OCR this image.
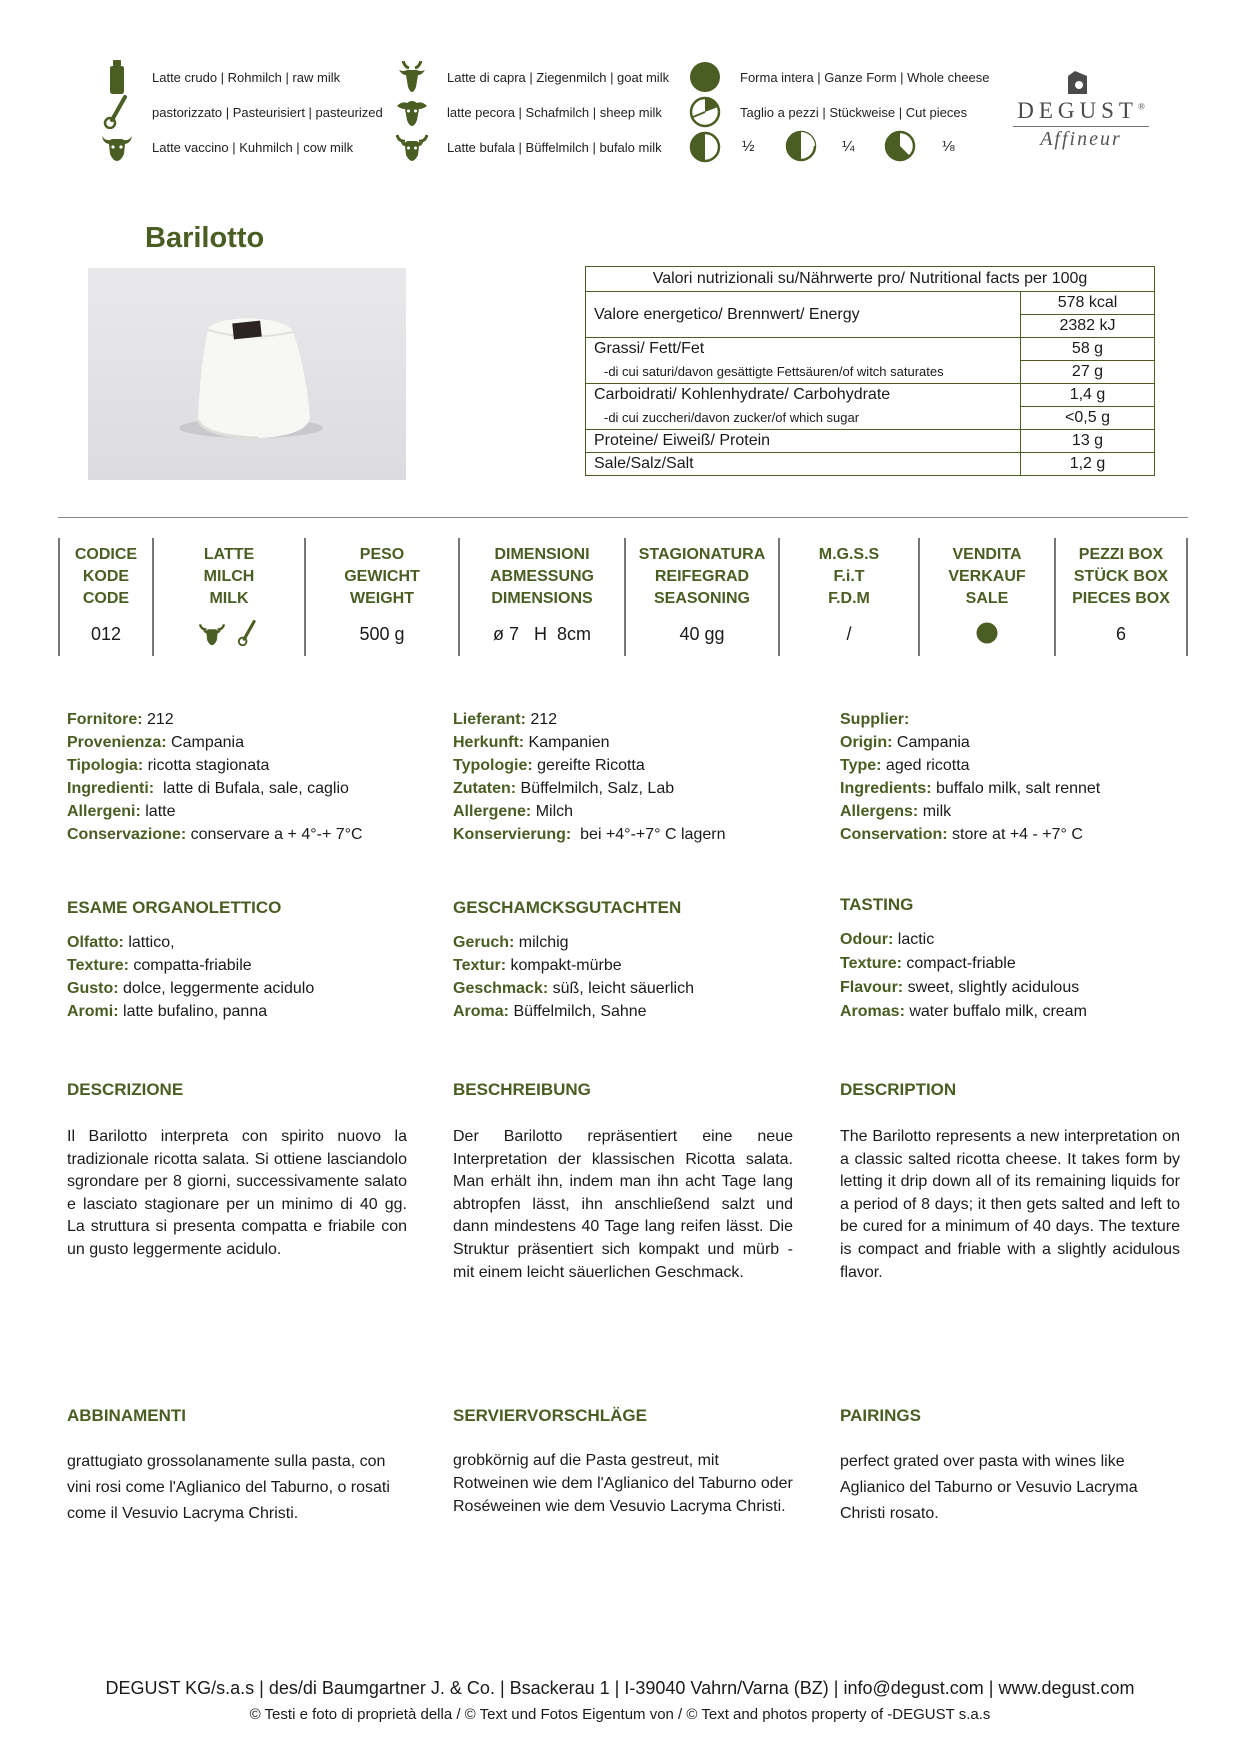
Latte crudo | Rohmilch | raw milk
pastorizzato | Pasteurisiert | pasteurized
Latte vaccino | Kuhmilch | cow milk
Latte di capra | Ziegenmilch | goat milk
latte pecora | Schafmilch | sheep milk
Latte bufala | Büffelmilch | bufalo milk
Forma intera | Ganze Form | Whole cheese
Taglio a pezzi | Stückweise | Cut pieces
½	¼	⅛
DEGUST®
Affineur
Barilotto
Valori nutrizionali su/Nährwerte pro/ Nutritional facts per 100g	
Valore energetico/ Brennwert/ Energy	578 kcal
	2382 kJ
Grassi/ Fett/Fet	58 g
-di cui saturi/davon gesättigte Fettsäuren/of witch saturates	27 g
Carboidrati/ Kohlenhydrate/ Carbohydrate	1,4 g
-di cui zuccheri/davon zucker/of which sugar	<0,5 g
Proteine/ Eiweiß/ Protein	13 g
Sale/Salz/Salt	1,2 g
CODICE
KODE
CODE
012
LATTE
MILCH
MILK

PESO
GEWICHT
WEIGHT
500 g
DIMENSIONI
ABMESSUNG
DIMENSIONS
ø 7   H  8cm
STAGIONATURA
REIFEGRAD
SEASONING
40 gg
M.G.S.S
F.i.T
F.D.M
/
VENDITA
VERKAUF
SALE
PEZZI BOX
STÜCK BOX
PIECES BOX
6
Fornitore: 212
Provenienza: Campania
Tipologia: ricotta stagionata
Ingredienti:  latte di Bufala, sale, caglio
Allergeni: latte
Conservazione: conservare a + 4°-+ 7°C
Lieferant: 212
Herkunft: Kampanien
Typologie: gereifte Ricotta
Zutaten: Büffelmilch, Salz, Lab
Allergene: Milch
Konservierung:  bei +4°-+7° C lagern
Supplier:
Origin: Campania
Type: aged ricotta
Ingredients: buffalo milk, salt rennet
Allergens: milk
Conservation: store at +4 - +7° C
ESAME ORGANOLETTICO	GESCHAMCKSGUTACHTEN	TASTING
Olfatto: lattico,
Texture: compatta-friabile
Gusto: dolce, leggermente acidulo
Aromi: latte bufalino, panna
Geruch: milchig
Textur: kompakt-mürbe
Geschmack: süß, leicht säuerlich
Aroma: Büffelmilch, Sahne
Odour: lactic
Texture: compact-friable
Flavour: sweet, slightly acidulous
Aromas: water buffalo milk, cream
DESCRIZIONE	BESCHREIBUNG	DESCRIPTION
Il Barilotto interpreta con spirito nuovo la tradizionale ricotta salata. Si ottiene lasciandolo sgrondare per 8 giorni, successivamente salato e lasciato stagionare per un minimo di 40 gg. La struttura si presenta compatta e friabile con un gusto leggermente acidulo.
Der Barilotto repräsentiert eine neue Interpretation der klassischen Ricotta salata. Man erhält ihn, indem man ihn acht Tage lang abtropfen lässt, ihn anschließend salzt und dann mindestens 40 Tage lang reifen lässt. Die Struktur präsentiert sich kompakt und mürb - mit einem leicht säuerlichen Geschmack.
The Barilotto represents a new interpretation on a classic salted ricotta cheese. It takes form by letting it drip down all of its remaining liquids for a period of 8 days; it then gets salted and left to be cured for a minimum of 40 days. The texture is compact and friable with a slightly acidulous flavor.
ABBINAMENTI	SERVIERVORSCHLÄGE	PAIRINGS
grattugiato grossolanamente sulla pasta, con vini rosi come l'Aglianico del Taburno, o rosati come il Vesuvio Lacryma Christi.
grobkörnig auf die Pasta gestreut, mit Rotweinen wie dem l'Aglianico del Taburno oder Roséweinen wie dem Vesuvio Lacryma Christi.
perfect grated over pasta with wines like Aglianico del Taburno or Vesuvio Lacryma Christi rosato.
DEGUST KG/s.a.s | des/di Baumgartner J. & Co. | Bsackerau 1 | I-39040 Vahrn/Varna (BZ) | info@degust.com | www.degust.com
© Testi e foto di proprietà della / © Text und Fotos Eigentum von / © Text and photos property of -DEGUST s.a.s
